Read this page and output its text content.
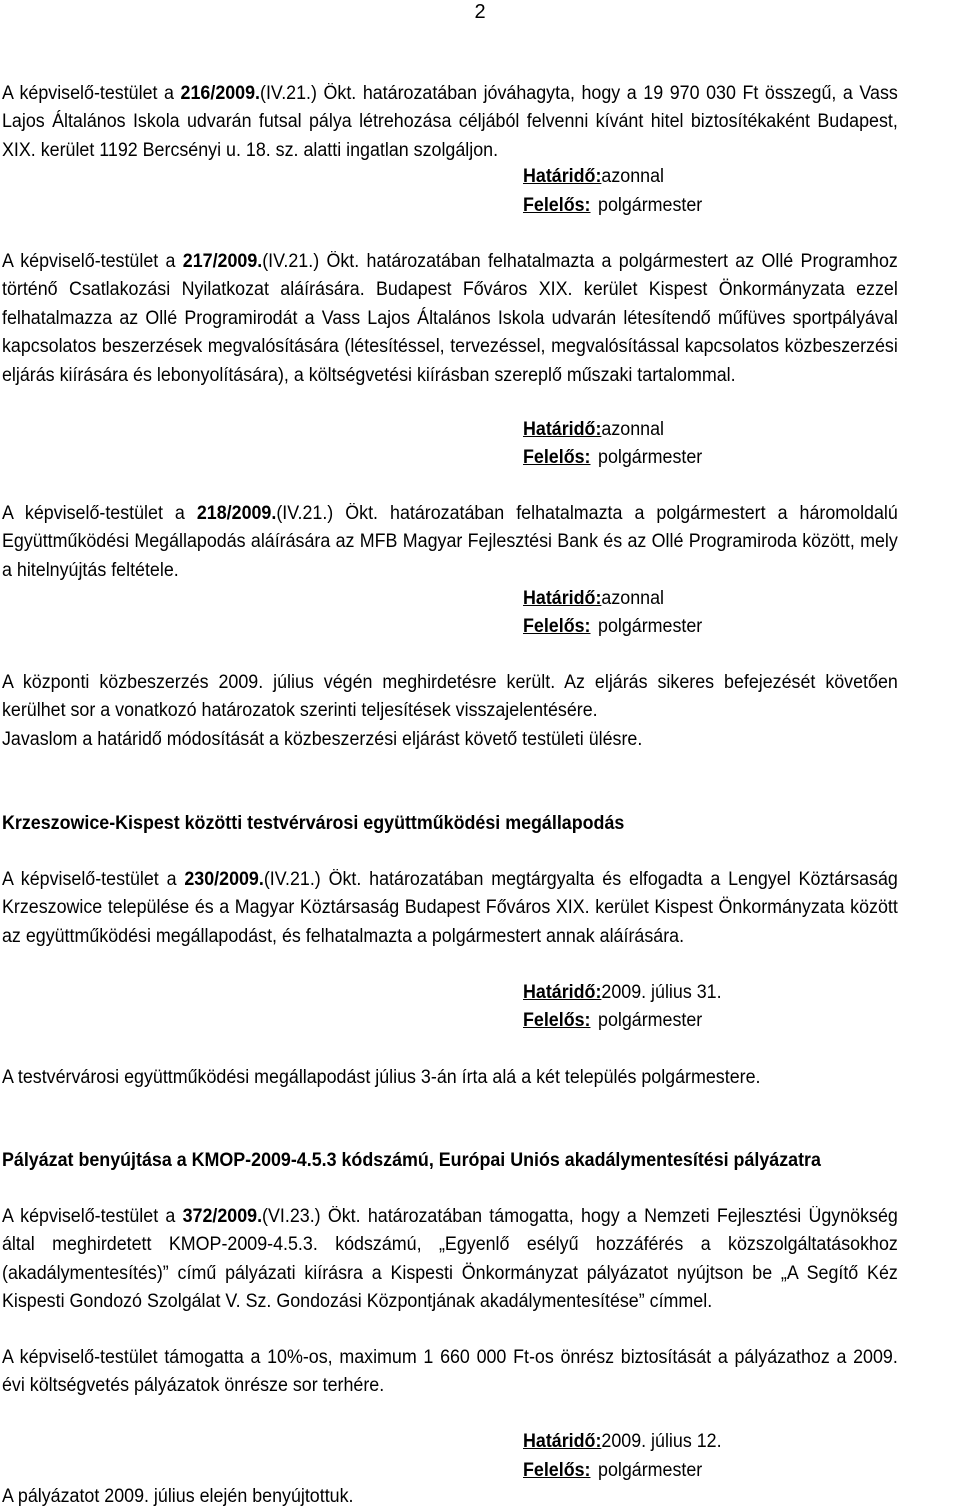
2
A képviselő-testület a 216/2009.(IV.21.) Ökt. határozatában jóváhagyta, hogy a 19 970 030 Ft összegű, a Vass Lajos Általános Iskola udvarán futsal pálya létrehozása céljából felvenni kívánt hitel biztosítékaként Budapest, XIX. kerület 1192 Bercsényi u. 18. sz. alatti ingatlan szolgáljon.
Határidő:azonnal
Felelős: polgármester
A képviselő-testület a 217/2009.(IV.21.) Ökt. határozatában felhatalmazta a polgármestert az Ollé Programhoz történő Csatlakozási Nyilatkozat aláírására. Budapest Főváros XIX. kerület Kispest Önkormányzata ezzel felhatalmazza az Ollé Programirodát a Vass Lajos Általános Iskola udvarán létesítendő műfüves sportpályával kapcsolatos beszerzések megvalósítására (létesítéssel, tervezéssel, megvalósítással kapcsolatos közbeszerzési eljárás kiírására és lebonyolítására), a költségvetési kiírásban szereplő műszaki tartalommal.
Határidő:azonnal
Felelős: polgármester
A képviselő-testület a 218/2009.(IV.21.) Ökt. határozatában felhatalmazta a polgármestert a háromoldalú Együttműködési Megállapodás aláírására az MFB Magyar Fejlesztési Bank és az Ollé Programiroda között, mely a hitelnyújtás feltétele.
Határidő:azonnal
Felelős: polgármester
A központi közbeszerzés 2009. július végén meghirdetésre került. Az eljárás sikeres befejezését követően kerülhet sor a vonatkozó határozatok szerinti teljesítések visszajelentésére.
Javaslom a határidő módosítását a közbeszerzési eljárást követő testületi ülésre.
Krzeszowice-Kispest közötti testvérvárosi együttműködési megállapodás
A képviselő-testület a 230/2009.(IV.21.) Ökt. határozatában megtárgyalta és elfogadta a Lengyel Köztársaság Krzeszowice települése és a Magyar Köztársaság Budapest Főváros XIX. kerület Kispest Önkormányzata között az együttműködési megállapodást, és felhatalmazta a polgármestert annak aláírására.
Határidő:2009. július 31.
Felelős: polgármester
A testvérvárosi együttműködési megállapodást július 3-án írta alá a két település polgármestere.
Pályázat benyújtása a KMOP-2009-4.5.3 kódszámú, Európai Uniós akadálymentesítési pályázatra
A képviselő-testület a 372/2009.(VI.23.) Ökt. határozatában támogatta, hogy a Nemzeti Fejlesztési Ügynökség által meghirdetett KMOP-2009-4.5.3. kódszámú, „Egyenlő esélyű hozzáférés a közszolgáltatásokhoz (akadálymentesítés)” című pályázati kiírásra a Kispesti Önkormányzat pályázatot nyújtson be „A Segítő Kéz Kispesti Gondozó Szolgálat V. Sz. Gondozási Központjának akadálymentesítése” címmel.
A képviselő-testület támogatta a 10%-os, maximum 1 660 000 Ft-os önrész biztosítását a pályázathoz a 2009. évi költségvetés pályázatok önrésze sor terhére.
Határidő:2009. július 12.
Felelős: polgármester
A pályázatot 2009. július elején benyújtottuk.
